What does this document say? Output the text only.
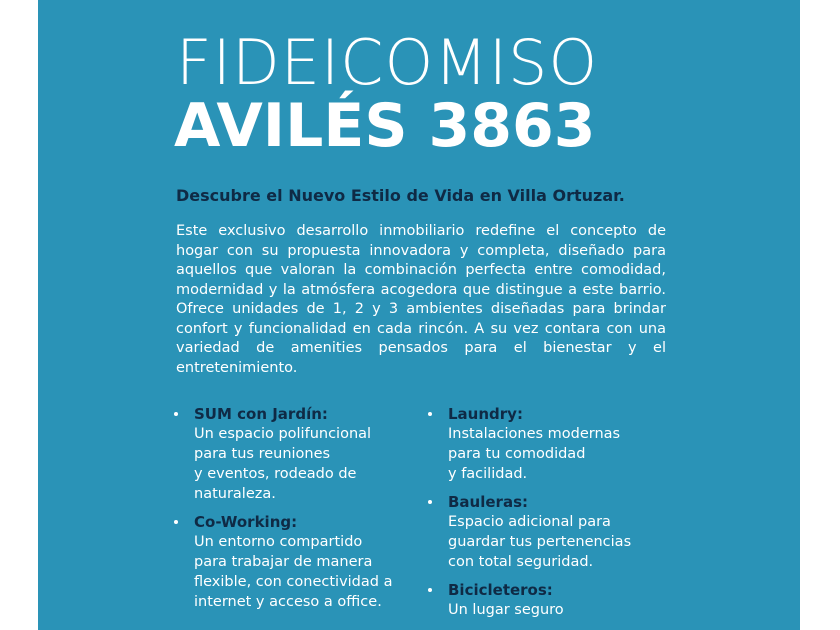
FIDEICOMISO
AVILÉS 3863
Descubre el Nuevo Estilo de Vida en Villa Ortuzar.
Este exclusivo desarrollo inmobiliario redefine el concepto de hogar con su propuesta innovadora y completa, diseñado para aquellos que valoran la combinación perfecta entre comodidad, modernidad y la atmósfera acogedora que distingue a este barrio. Ofrece unidades de 1, 2 y 3 ambientes diseñadas para brindar confort y funcionalidad en cada rincón. A su vez contara con una variedad de amenities pensados para el bienestar y el entretenimiento.
SUM con Jardín:
Un espacio polifuncional
para tus reuniones
y eventos, rodeado de
naturaleza.
Co-Working:
Un entorno compartido
para trabajar de manera
flexible, con conectividad a
internet y acceso a office.
Laundry:
Instalaciones modernas
para tu comodidad
y facilidad.
Bauleras:
Espacio adicional para
guardar tus pertenencias
con total seguridad.
Bicicleteros:
Un lugar seguro
